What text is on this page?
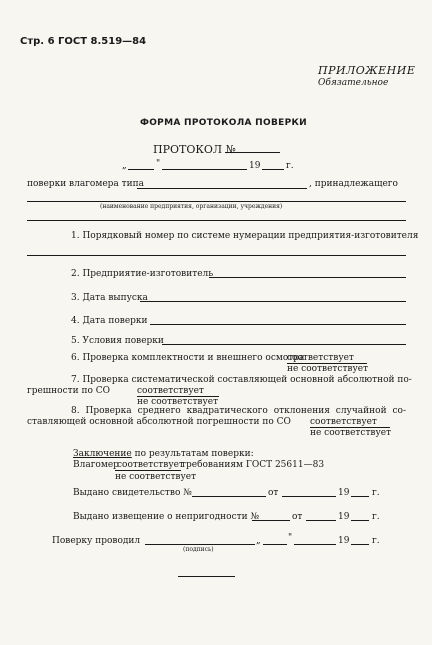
Стр. 6 ГОСТ 8.519—84
ПРИЛОЖЕНИЕ
Обязательное
ФОРМА ПРОТОКОЛА ПОВЕРКИ
ПРОТОКОЛ №
„	"	19	г.
поверки влагомера типа	, принадлежащего
(наименование предприятия, организации, учреждения)
1. Порядковый номер по системе нумерации предприятия-изготовителя
2. Предприятие-изготовитель
3. Дата выпуска
4. Дата поверки
5. Условия поверки
6. Проверка комплектности и внешнего осмотра
соответствует
не соответствует
7. Проверка систематической составляющей основной абсолютной по-
грешности по СО	соответствует
не соответствует
8. Проверка среднего квадратического отклонения случайной со-
ставляющей основной абсолютной погрешности по СО соответствует
не соответствует
Заключение по результатам поверки:
Влагомер
соответствует
требованиям ГОСТ 25611—83
не соответствует
Выдано свидетельство №	от	19	г.
Выдано извещение о непригодности №	от	19	г.
Поверку проводил
(подпись)
„	"	19	г.
